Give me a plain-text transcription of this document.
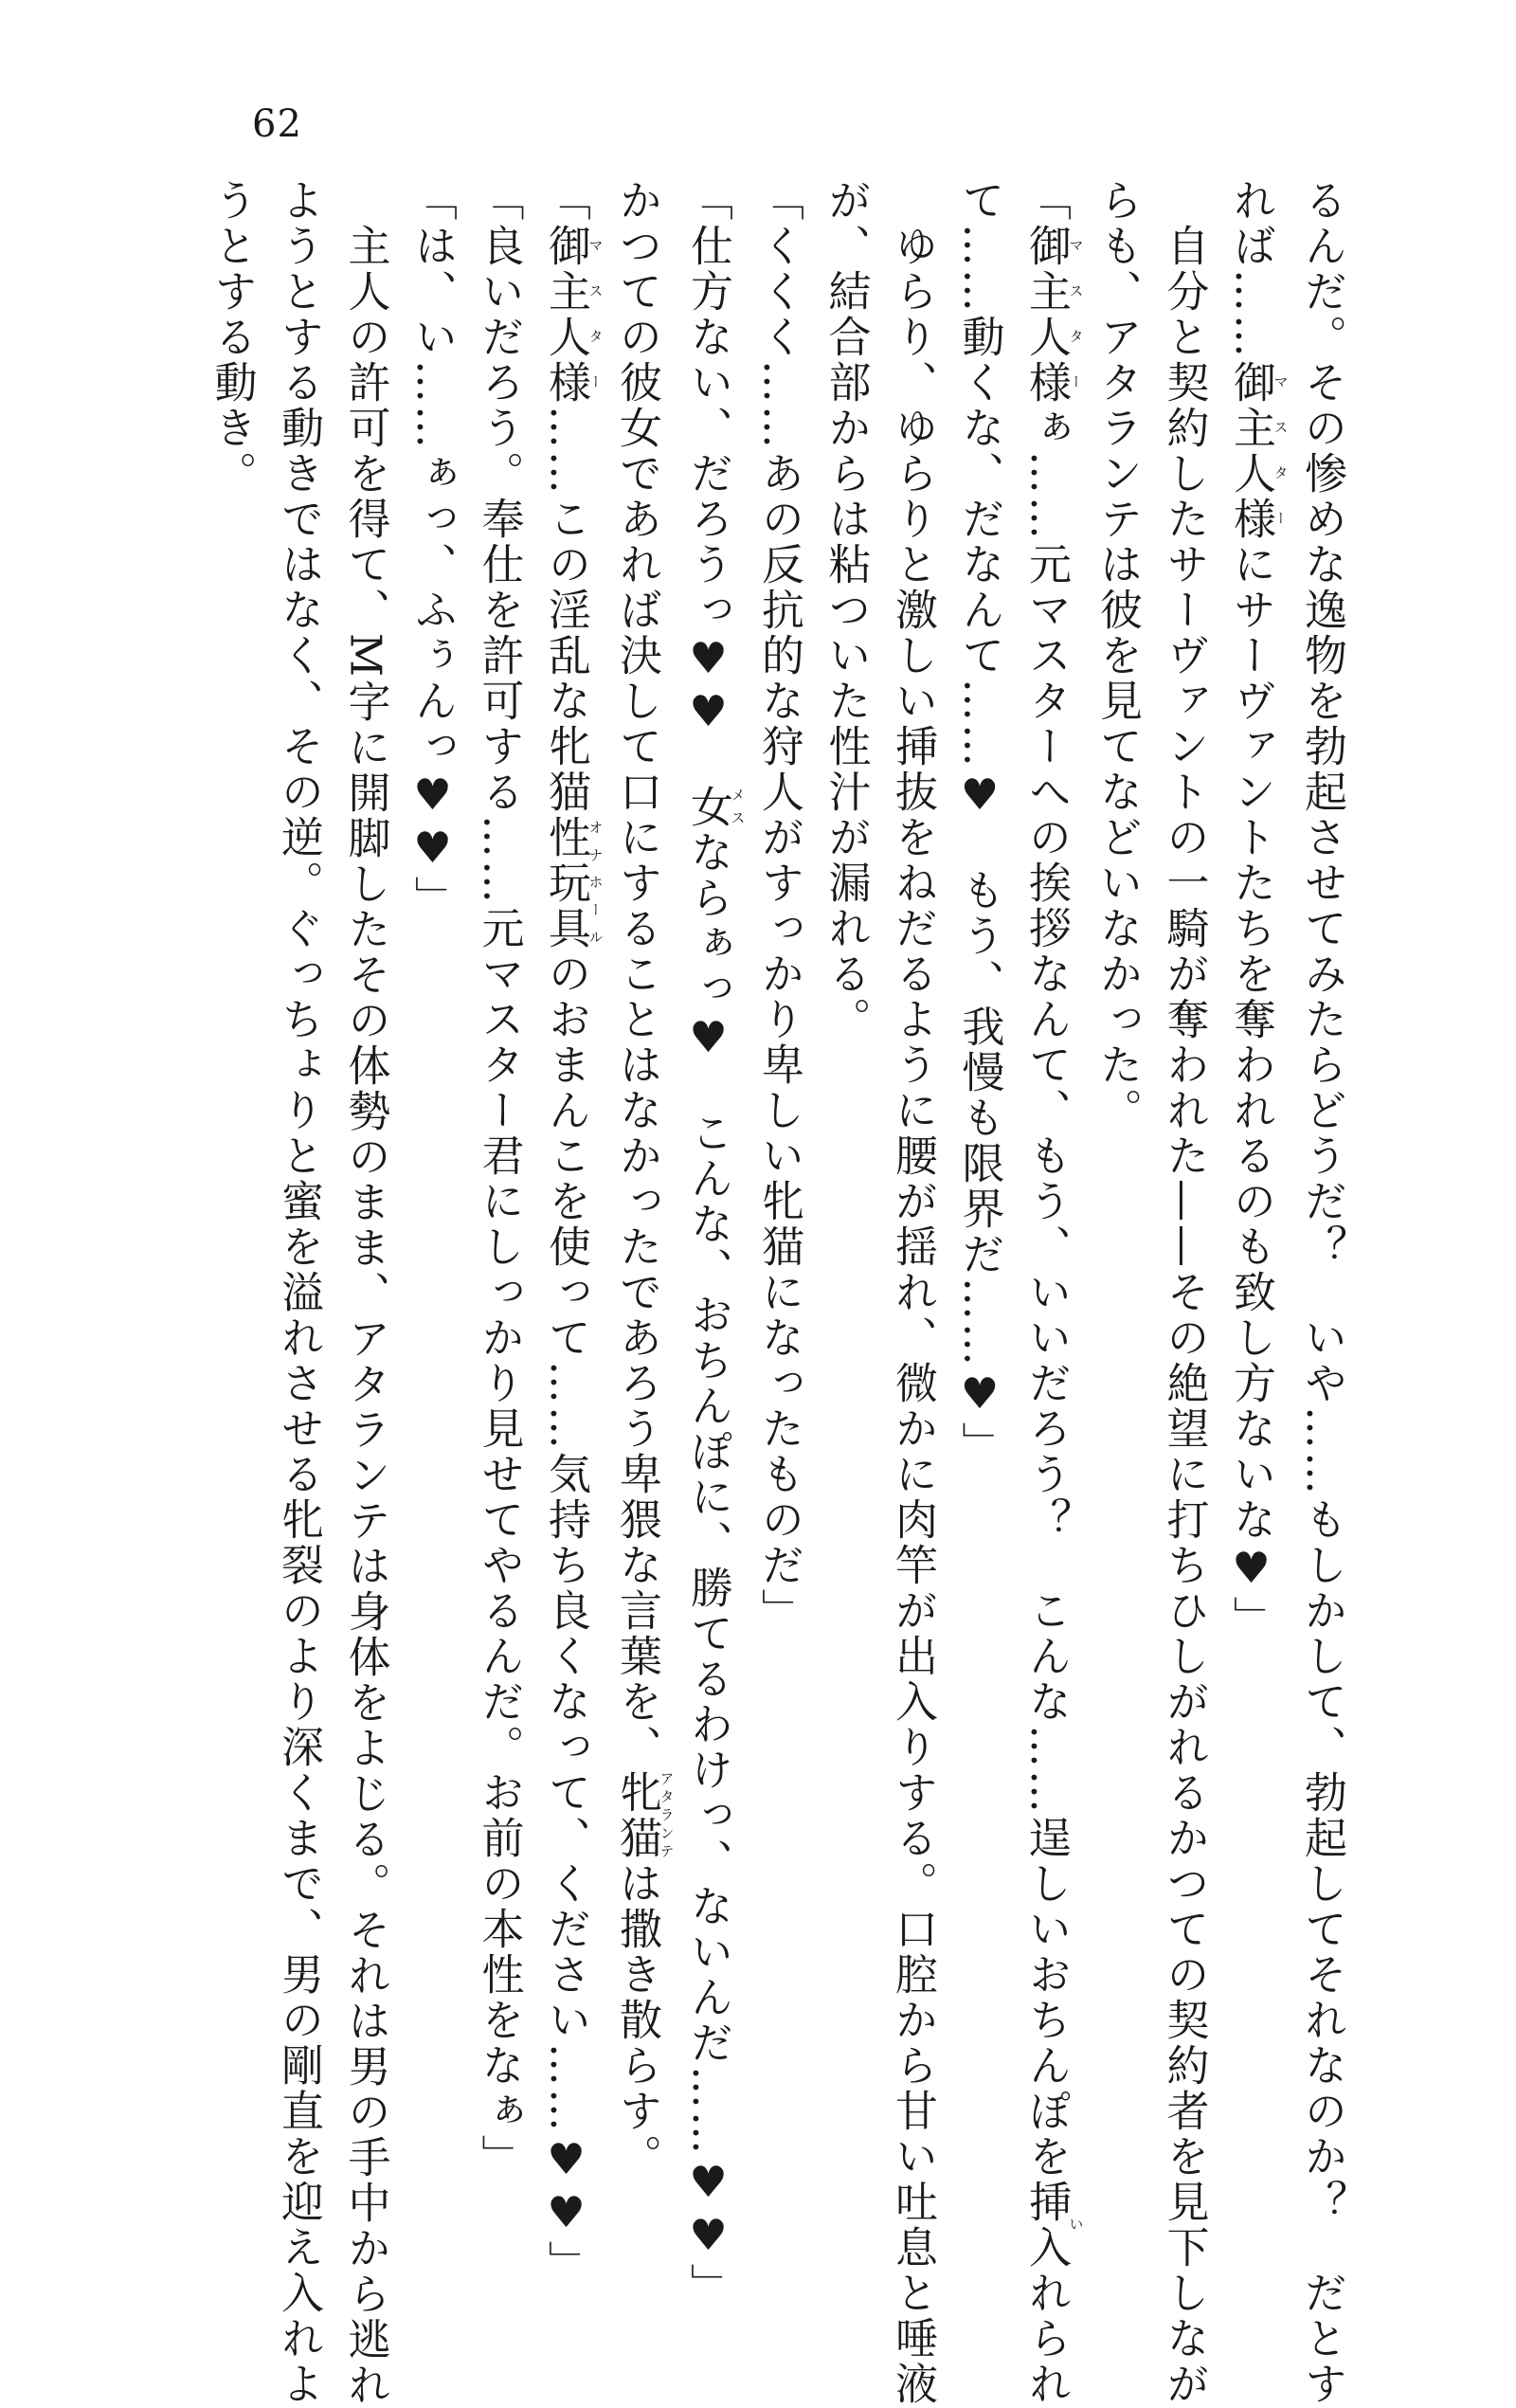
62
るんだ。その惨めな逸物を勃起させてみたらどうだ？　いや……もしかして、勃起してそれなのか？　だとす
れば……御主人様マスターにサーヴァントたちを奪われるのも致し方ないな♥」
　自分と契約したサーヴァントの一騎が奪われた——その絶望に打ちひしがれるかつての契約者を見下しなが
らも、アタランテは彼を見てなどいなかった。
「御主人様マスターぁ……元マスターへの挨拶なんて、もう、いいだろう？　こんな……逞しいおちんぽを挿入いれられ
て……動くな、だなんて……♥　もう、我慢も限界だ……♥」
　ゆらり、ゆらりと激しい挿抜をねだるように腰が揺れ、微かに肉竿が出入りする。口腔から甘い吐息と唾液
が、結合部からは粘ついた性汁が漏れる。
「くくく……あの反抗的な狩人がすっかり卑しい牝猫になったものだ」
「仕方ない、だろうっ♥♥　女メスならぁっ♥　こんな、おちんぽに、勝てるわけっ、ないんだ……♥♥」
かつての彼女であれば決して口にすることはなかったであろう卑猥な言葉を、牝猫アタランテは撒き散らす。
「御主人様マスター……この淫乱な牝猫性玩具オナホールのおまんこを使って……気持ち良くなって、ください……♥♥」
「良いだろう。奉仕を許可する……元マスター君にしっかり見せてやるんだ。お前の本性をなぁ」
「は、い……ぁっ、ふぅんっ♥♥」
　主人の許可を得て、M字に開脚したその体勢のまま、アタランテは身体をよじる。それは男の手中から逃れ
ようとする動きではなく、その逆。ぐっちょりと蜜を溢れさせる牝裂のより深くまで、男の剛直を迎え入れよ
うとする動き。
